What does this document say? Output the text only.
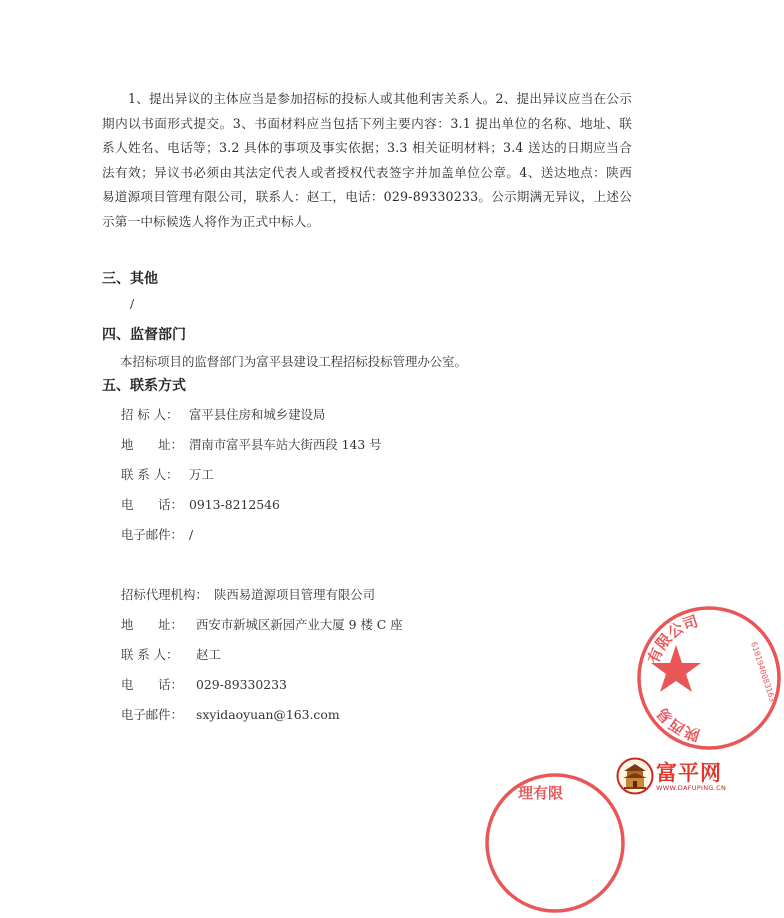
1、提出异议的主体应当是参加招标的投标人或其他利害关系人。2、提出异议应当在公示期内以书面形式提交。3、书面材料应当包括下列主要内容：3.1 提出单位的名称、地址、联系人姓名、电话等；3.2 具体的事项及事实依据；3.3 相关证明材料；3.4 送达的日期应当合法有效；异议书必须由其法定代表人或者授权代表签字并加盖单位公章。4、送达地点：陕西易道源项目管理有限公司，联系人：赵工，电话：029-89330233。公示期满无异议，上述公示第一中标候选人将作为正式中标人。

三、其他

/

四、监督部门

本招标项目的监督部门为富平县建设工程招标投标管理办公室。

五、联系方式

招 标 人： 富平县住房和城乡建设局

地　　址： 渭南市富平县车站大街西段 143 号

联 系 人： 万工

电　　话： 0913-8212546

电子邮件： /

招标代理机构： 陕西易道源项目管理有限公司

地　　址： 西安市新城区新园产业大厦 9 楼 C 座

联 系 人： 赵工

电　　话： 029-89330233

电子邮件： sxyidaoyuan@163.com

有限公司
陕西易
6101940083163
理有限
富平网
WWW.DAFUPING.CN
